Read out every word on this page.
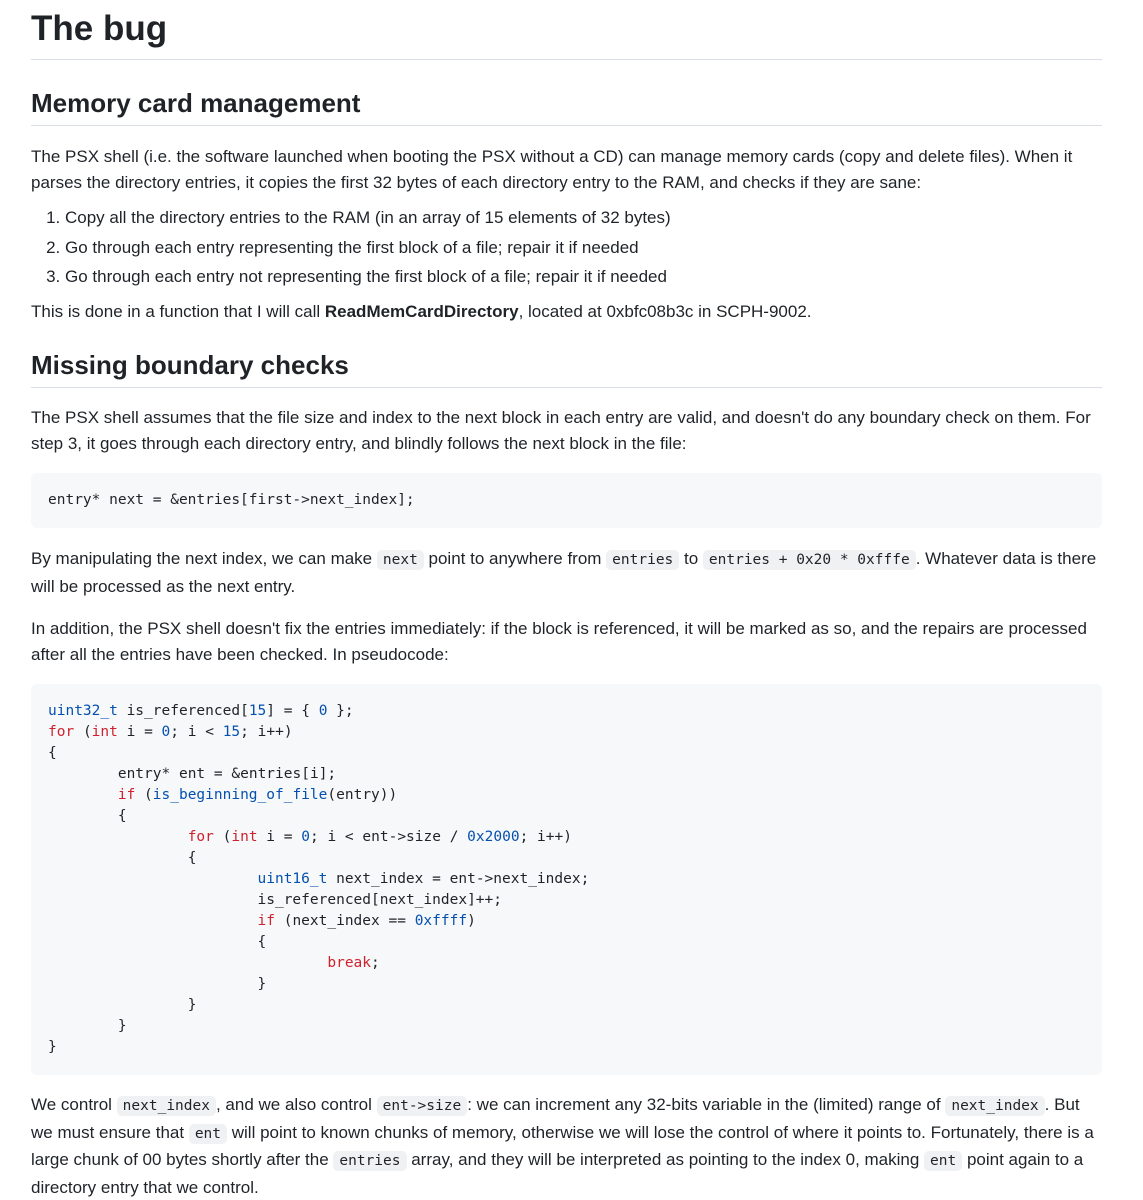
The bug
Memory card management

The PSX shell (i.e. the software launched when booting the PSX without a CD) can manage memory cards (copy and delete files). When it parses the directory entries, it copies the first 32 bytes of each directory entry to the RAM, and checks if they are sane:

1. Copy all the directory entries to the RAM (in an array of 15 elements of 32 bytes)
2. Go through each entry representing the first block of a file; repair it if needed
3. Go through each entry not representing the first block of a file; repair it if needed

This is done in a function that I will call ReadMemCardDirectory, located at 0xbfc08b3c in SCPH-9002.

Missing boundary checks

The PSX shell assumes that the file size and index to the next block in each entry are valid, and doesn't do any boundary check on them. For step 3, it goes through each directory entry, and blindly follows the next block in the file:

entry* next = &entries[first->next_index];

By manipulating the next index, we can make next point to anywhere from entries to entries + 0x20 * 0xfffe . Whatever data is there will be processed as the next entry.

In addition, the PSX shell doesn't fix the entries immediately: if the block is referenced, it will be marked as so, and the repairs are processed after all the entries have been checked. In pseudocode:

uint32_t is_referenced[15] = { 0 };
for (int i = 0; i < 15; i++)
{
entry* ent = &entries[i];
if (is_beginning_of_file(entry))
{
for (int i = 0; i < ent->size / 0x2000; i++)
{
uint16_t next_index = ent->next_index;
is_referenced[next_index]++;
if (next_index == 0xffff)
{
break;
}
}
}
}

We control next_index , and we also control ent->size : we can increment any 32-bits variable in the (limited) range of next_index . But we must ensure that ent will point to known chunks of memory, otherwise we will lose the control of where it points to. Fortunately, there is a large chunk of 00 bytes shortly after the entries array, and they will be interpreted as pointing to the index 0, making ent point again to a directory entry that we control.
